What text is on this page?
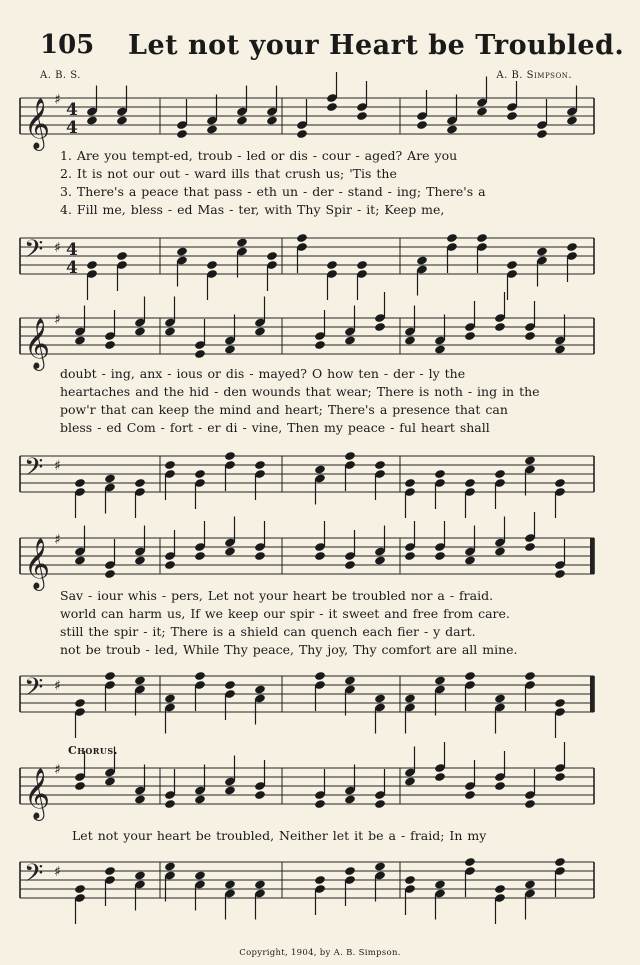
105 Let not your Heart be Troubled.
A. B. S.	A. B. Simpson.
𝄞 ♯ 4
4
1. Are you tempt-ed, troub - led or dis - cour - aged? Are you
2. It is not our out - ward ills that crush us; 'Tis the
3. There's a peace that pass - eth un - der - stand - ing; There's a
4. Fill me, bless - ed Mas - ter, with Thy Spir - it; Keep me,
𝄢 ♯ 4
4
𝄞 ♯
doubt - ing, anx - ious or dis - mayed? O how ten - der - ly the
heartaches and the hid - den wounds that wear; There is noth - ing in the
pow'r that can keep the mind and heart; There's a presence that can
bless - ed Com - fort - er di - vine, Then my peace - ful heart shall
𝄢 ♯
𝄞 ♯
Sav - iour whis - pers, Let not your heart be troubled nor a - fraid.
world can harm us, If we keep our spir - it sweet and free from care.
still the spir - it; There is a shield can quench each fier - y dart.
not be troub - led, While Thy peace, Thy joy, Thy comfort are all mine.
𝄢 ♯
Chorus.
𝄞 ♯
Let not your heart be troubled, Neither let it be a - fraid; In my
𝄢 ♯
Copyright, 1904, by A. B. Simpson.
